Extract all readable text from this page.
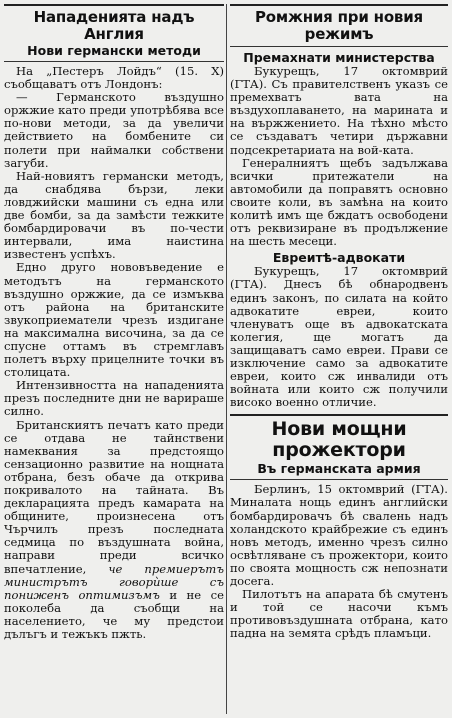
Нападенията надъ Англия
Нови германски методи

На „Пестеръ Лойдъ“ (15. X) съобщаватъ отъ Лондонъ:

— Германското въздушно оржжие като преди употрѣбява все по-нови методи, за да увеличи действието на бомбените си полети при наймалки собствени загуби.

Най-новиятъ германски методъ, да снабдява бързи, леки ловджийски машини съ една или две бомби, за да замѣсти тежките бомбардировачи въ по-чести интервали, има наистина известенъ успѣхъ.

Едно друго нововъведение е методътъ на германското въздушно оржжие, да се измъква отъ района на британските звукоприематели чрезъ издигане на максимална височина, за да се спусне оттамъ въ стремглавъ полетъ върху прицелните точки въ столицата.

Интензивността на нападенията презъ последните дни не варираше силно.

Британскиятъ печатъ като преди се отдава не тайнствени намеквания за предстоящо сензационно развитие на нощната отбрана, безъ обаче да открива покривалото на тайната. Въ декларацията предъ камарата на общините, произнесена отъ Чърчилъ презъ последната седмица по въздушната война, направи преди всичко впечатление, че премиерътъ министрътъ говорѝше съ пониженъ оптимизъмъ и не се поколеба да съобщи на населението, че му предстои дълъгъ и тежъкъ пжть.

Ромжния при новия режимъ
Премахнати министерства

Букурещъ, 17 октомврий (ГТА). Съ правителственъ указъ се премехватъ вата на въздухоплаването, на марината и на вържжението. На тѣхно мѣсто се създаватъ четири държавни подсекретариата на вой-ката.

Генералниятъ щебъ задължава всички притежатели на автомобили да поправятъ основно своите коли, въ замѣна на които колитѣ имъ ще бждатъ освободени отъ реквизиране въ продължение на шесть месеци.

Евреитѣ-адвокати

Букурещъ, 17 октомврий (ГТА). Днесъ бѣ обнародвенъ единъ законъ, по силата на който адвокатите евреи, които членуватъ още въ адвокатската колегия, ще могатъ да защищаватъ само евреи. Прави се изключение само за адвокатите евреи, които сж инвалиди отъ войната или които сж получили високо военно отличие.

Нови мощни прожектори
Въ германската армия

Берлинъ, 15 октомврий (ГТА). Миналата нощь единъ английски бомбардировачъ бѣ свалень надъ холандското крайбрежие съ единъ новъ методъ, именно чрезъ силно освѣтляване съ прожектори, които по своята мощность сж непознати досега.

Пилотътъ на апарата бѣ смутенъ и той се насочи къмъ противовъздушната отбрана, като падна на земята срѣдъ пламъци.
